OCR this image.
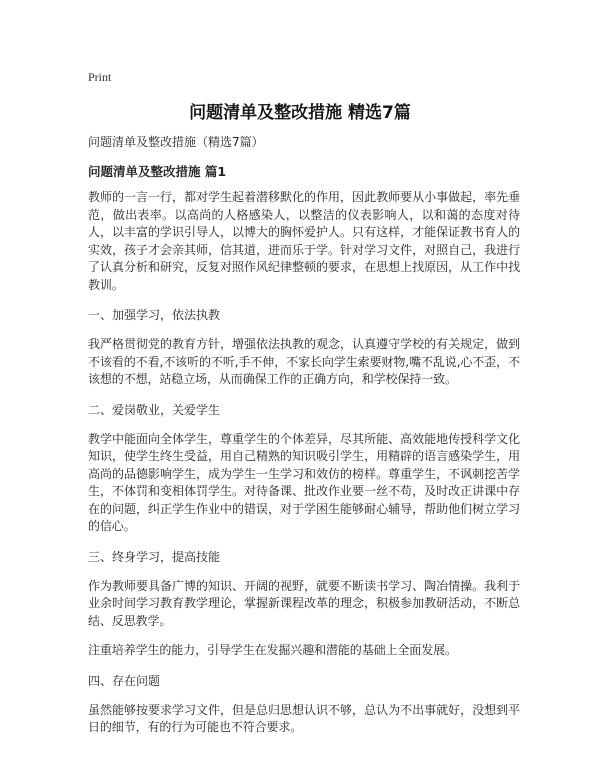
Print
问题清单及整改措施 精选7篇

问题清单及整改措施（精选7篇）

问题清单及整改措施 篇1

教师的一言一行，都对学生起着潜移默化的作用，因此教师要从小事做起，率先垂范，做出表率。以高尚的人格感染人，以整洁的仪表影响人，以和蔼的态度对待人，以丰富的学识引导人，以博大的胸怀爱护人。只有这样，才能保证教书育人的实效，孩子才会亲其师，信其道，进而乐于学。针对学习文件，对照自己，我进行了认真分析和研究，反复对照作风纪律整顿的要求，在思想上找原因，从工作中找教训。

一、加强学习，依法执教

我严格贯彻党的教育方针，增强依法执教的观念，认真遵守学校的有关规定，做到不该看的不看,不该听的不听,手不伸，不家长向学生索要财物,嘴不乱说,心不歪，不该想的不想，站稳立场，从而确保工作的正确方向，和学校保持一致。

二、爱岗敬业，关爱学生

教学中能面向全体学生，尊重学生的个体差异，尽其所能、高效能地传授科学文化知识，使学生终生受益，用自己精熟的知识吸引学生，用精辟的语言感染学生，用高尚的品德影响学生，成为学生一生学习和效仿的榜样。尊重学生，不讽刺挖苦学生，不体罚和变相体罚学生。对待备课、批改作业要一丝不苟，及时改正讲课中存在的问题，纠正学生作业中的错误，对于学困生能够耐心辅导，帮助他们树立学习的信心。

三、终身学习，提高技能

作为教师要具备广博的知识、开阔的视野，就要不断读书学习、陶冶情操。我利于业余时间学习教育教学理论，掌握新课程改革的理念，积极参加教研活动，不断总结、反思教学。

注重培养学生的能力，引导学生在发掘兴趣和潜能的基础上全面发展。

四、存在问题

虽然能够按要求学习文件，但是总归思想认识不够，总认为不出事就好，没想到平日的细节，有的行为可能也不符合要求。
